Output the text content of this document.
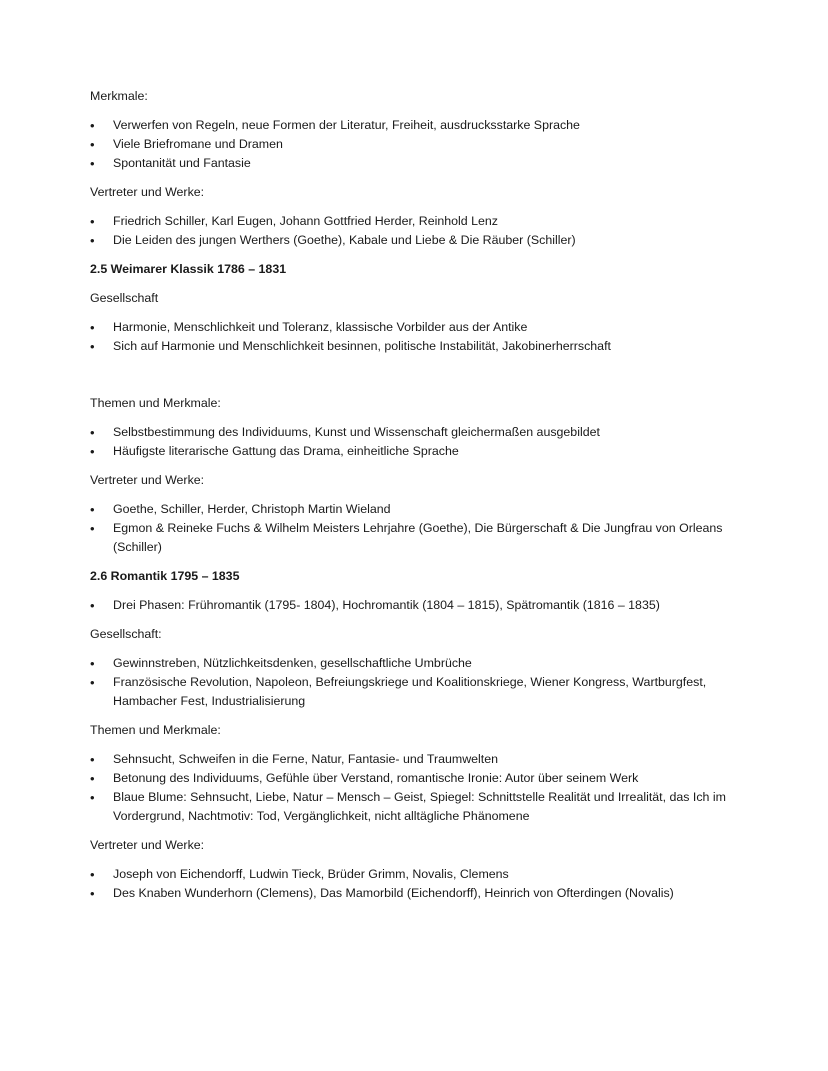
Merkmale:

•	Verwerfen von Regeln, neue Formen der Literatur, Freiheit, ausdrucksstarke Sprache
•	Viele Briefromane und Dramen
•	Spontanität und Fantasie

Vertreter und Werke:

•	Friedrich Schiller, Karl Eugen, Johann Gottfried Herder, Reinhold Lenz
•	Die Leiden des jungen Werthers (Goethe), Kabale und Liebe & Die Räuber (Schiller)

2.5 Weimarer Klassik 1786 – 1831

Gesellschaft

•	Harmonie, Menschlichkeit und Toleranz, klassische Vorbilder aus der Antike
•	Sich auf Harmonie und Menschlichkeit besinnen, politische Instabilität, Jakobinerherrschaft

Themen und Merkmale:

•	Selbstbestimmung des Individuums, Kunst und Wissenschaft gleichermaßen ausgebildet
•	Häufigste literarische Gattung das Drama, einheitliche Sprache

Vertreter und Werke:

•	Goethe, Schiller, Herder, Christoph Martin Wieland
•	Egmon & Reineke Fuchs & Wilhelm Meisters Lehrjahre (Goethe), Die Bürgerschaft & Die Jungfrau von Orleans (Schiller)

2.6 Romantik 1795 – 1835

•	Drei Phasen: Frühromantik (1795- 1804), Hochromantik (1804 – 1815), Spätromantik (1816 – 1835)

Gesellschaft:

•	Gewinnstreben, Nützlichkeitsdenken, gesellschaftliche Umbrüche
•	Französische Revolution, Napoleon, Befreiungskriege und Koalitionskriege, Wiener Kongress, Wartburgfest, Hambacher Fest, Industrialisierung

Themen und Merkmale:

•	Sehnsucht, Schweifen in die Ferne, Natur, Fantasie- und Traumwelten
•	Betonung des Individuums, Gefühle über Verstand, romantische Ironie: Autor über seinem Werk
•	Blaue Blume: Sehnsucht, Liebe, Natur – Mensch – Geist, Spiegel: Schnittstelle Realität und Irrealität, das Ich im Vordergrund, Nachtmotiv: Tod, Vergänglichkeit, nicht alltägliche Phänomene

Vertreter und Werke:

•	Joseph von Eichendorff, Ludwin Tieck, Brüder Grimm, Novalis, Clemens
•	Des Knaben Wunderhorn (Clemens), Das Mamorbild (Eichendorff), Heinrich von Ofterdingen (Novalis)
